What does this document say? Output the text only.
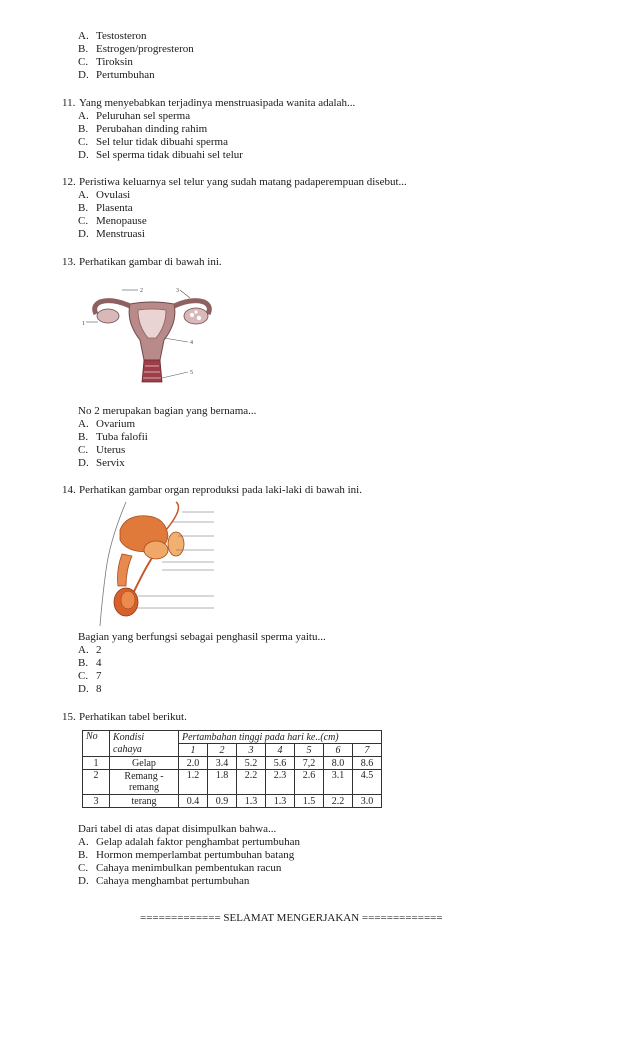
A. Testosteron
B. Estrogen/progresteron
C. Tiroksin
D. Pertumbuhan
11. Yang menyebabkan terjadinya menstruasipada wanita adalah...
A. Peluruhan sel sperma
B. Perubahan dinding rahim
C. Sel telur tidak dibuahi sperma
D. Sel sperma tidak dibuahi sel telur
12. Peristiwa keluarnya sel telur yang sudah matang padaperempuan disebut...
A. Ovulasi
B. Plasenta
C. Menopause
D. Menstruasi
13. Perhatikan gambar di bawah ini.
1
2	3
4
5
No 2 merupakan bagian yang bernama...
A. Ovarium
B. Tuba falofii
C. Uterus
D. Servix
14. Perhatikan gambar organ reproduksi pada laki-laki di bawah ini.
Bagian yang berfungsi sebagai penghasil sperma yaitu...
A. 2
B. 4
C. 7
D. 8
15. Perhatikan tabel berikut.
No	Kondisi	Pertambahan tinggi pada hari ke..(cm)						
	cahaya	1	2	3	4	5	6	7
1	Gelap	2.0	3.4	5.2	5.6	7,2	8.0	8.6
2	Remang - remang	1.2	1.8	2.2	2.3	2.6	3.1	4.5
3	terang	0.4	0.9	1.3	1.3	1.5	2.2	3.0
Dari tabel di atas dapat disimpulkan bahwa...
A. Gelap adalah faktor penghambat pertumbuhan
B. Hormon memperlambat pertumbuhan batang
C. Cahaya menimbulkan pembentukan racun
D. Cahaya menghambat pertumbuhan
============= SELAMAT MENGERJAKAN =============
